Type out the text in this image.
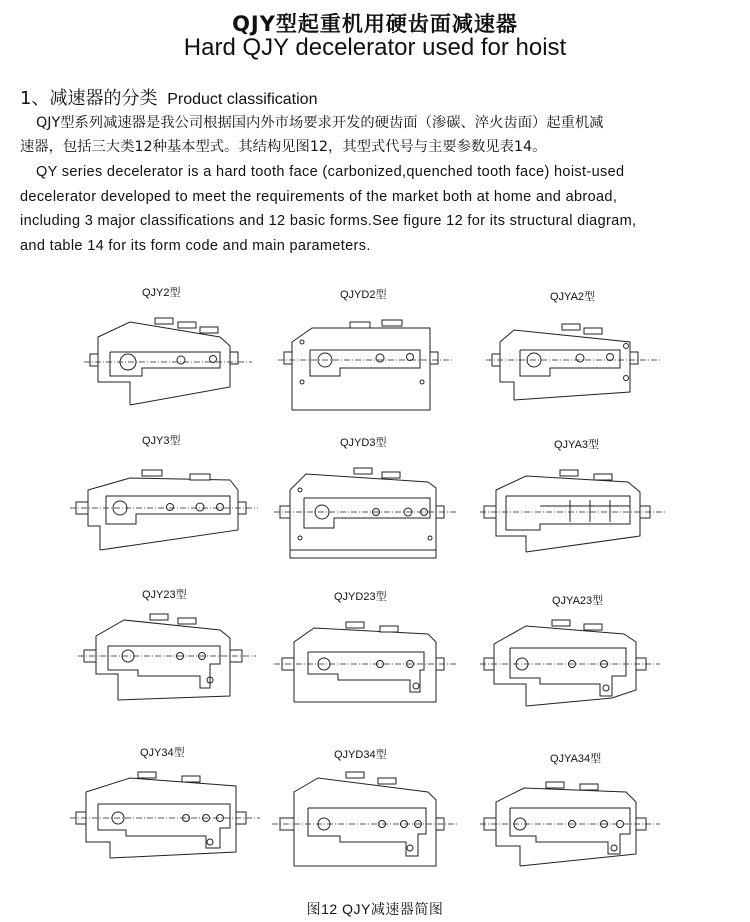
QJY型起重机用硬齿面减速器
Hard QJY decelerator used for hoist
1、减速器的分类 Product classification
QJY型系列减速器是我公司根据国内外市场要求开发的硬齿面（渗碳、淬火齿面）起重机减
速器，包括三大类12种基本型式。其结构见图12，其型式代号与主要参数见表14。
QY series decelerator is a hard tooth face (carbonized,quenched tooth face) hoist-used
decelerator developed to meet the requirements of the market both at home and abroad,
including 3 major classifications and 12 basic forms.See figure 12 for its structural diagram,
and table 14 for its form code and main parameters.
QJY2型	QJYD2型	QJYA2型
QJY3型	QJYD3型	QJYA3型
QJY23型	QJYD23型	QJYA23型
QJY34型	QJYD34型	QJYA34型
图12 QJY减速器简图
